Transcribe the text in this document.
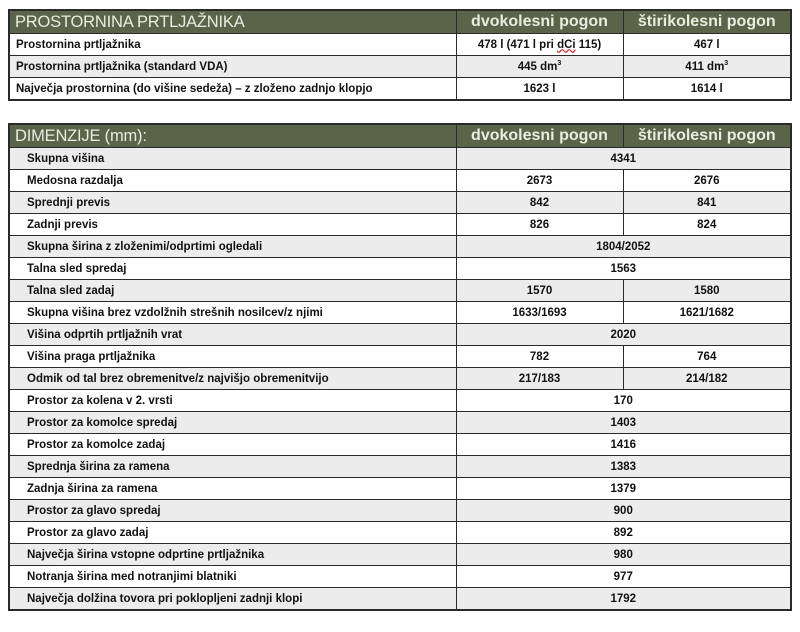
PROSTORNINA PRTLJAŽNIKA	dvokolesni pogon	štirikolesni pogon
Prostornina prtljažnika	478 l (471 l pri dCi 115)	467 l
Prostornina prtljažnika (standard VDA)	445 $dm^3$	411 $dm^3$
Največja prostornina (do višine sedeža) – z zloženo zadnjo klopjo	1623 l	1614 l
DIMENZIJE (mm):	dvokolesni pogon	štirikolesni pogon
Skupna višina	4341	
Medosna razdalja	2673	2676
Sprednji previs	842	841
Zadnji previs	826	824
Skupna širina z zloženimi/odprtimi ogledali	1804/2052	
Talna sled spredaj	1563	
Talna sled zadaj	1570	1580
Skupna višina brez vzdolžnih strešnih nosilcev/z njimi	1633/1693	1621/1682
Višina odprtih prtljažnih vrat	2020	
Višina praga prtljažnika	782	764
Odmik od tal brez obremenitve/z najvišjo obremenitvijo	217/183	214/182
Prostor za kolena v 2. vrsti	170	
Prostor za komolce spredaj	1403	
Prostor za komolce zadaj	1416	
Sprednja širina za ramena	1383	
Zadnja širina za ramena	1379	
Prostor za glavo spredaj	900	
Prostor za glavo zadaj	892	
Največja širina vstopne odprtine prtljažnika	980	
Notranja širina med notranjimi blatniki	977	
Največja dolžina tovora pri poklopljeni zadnji klopi	1792	
